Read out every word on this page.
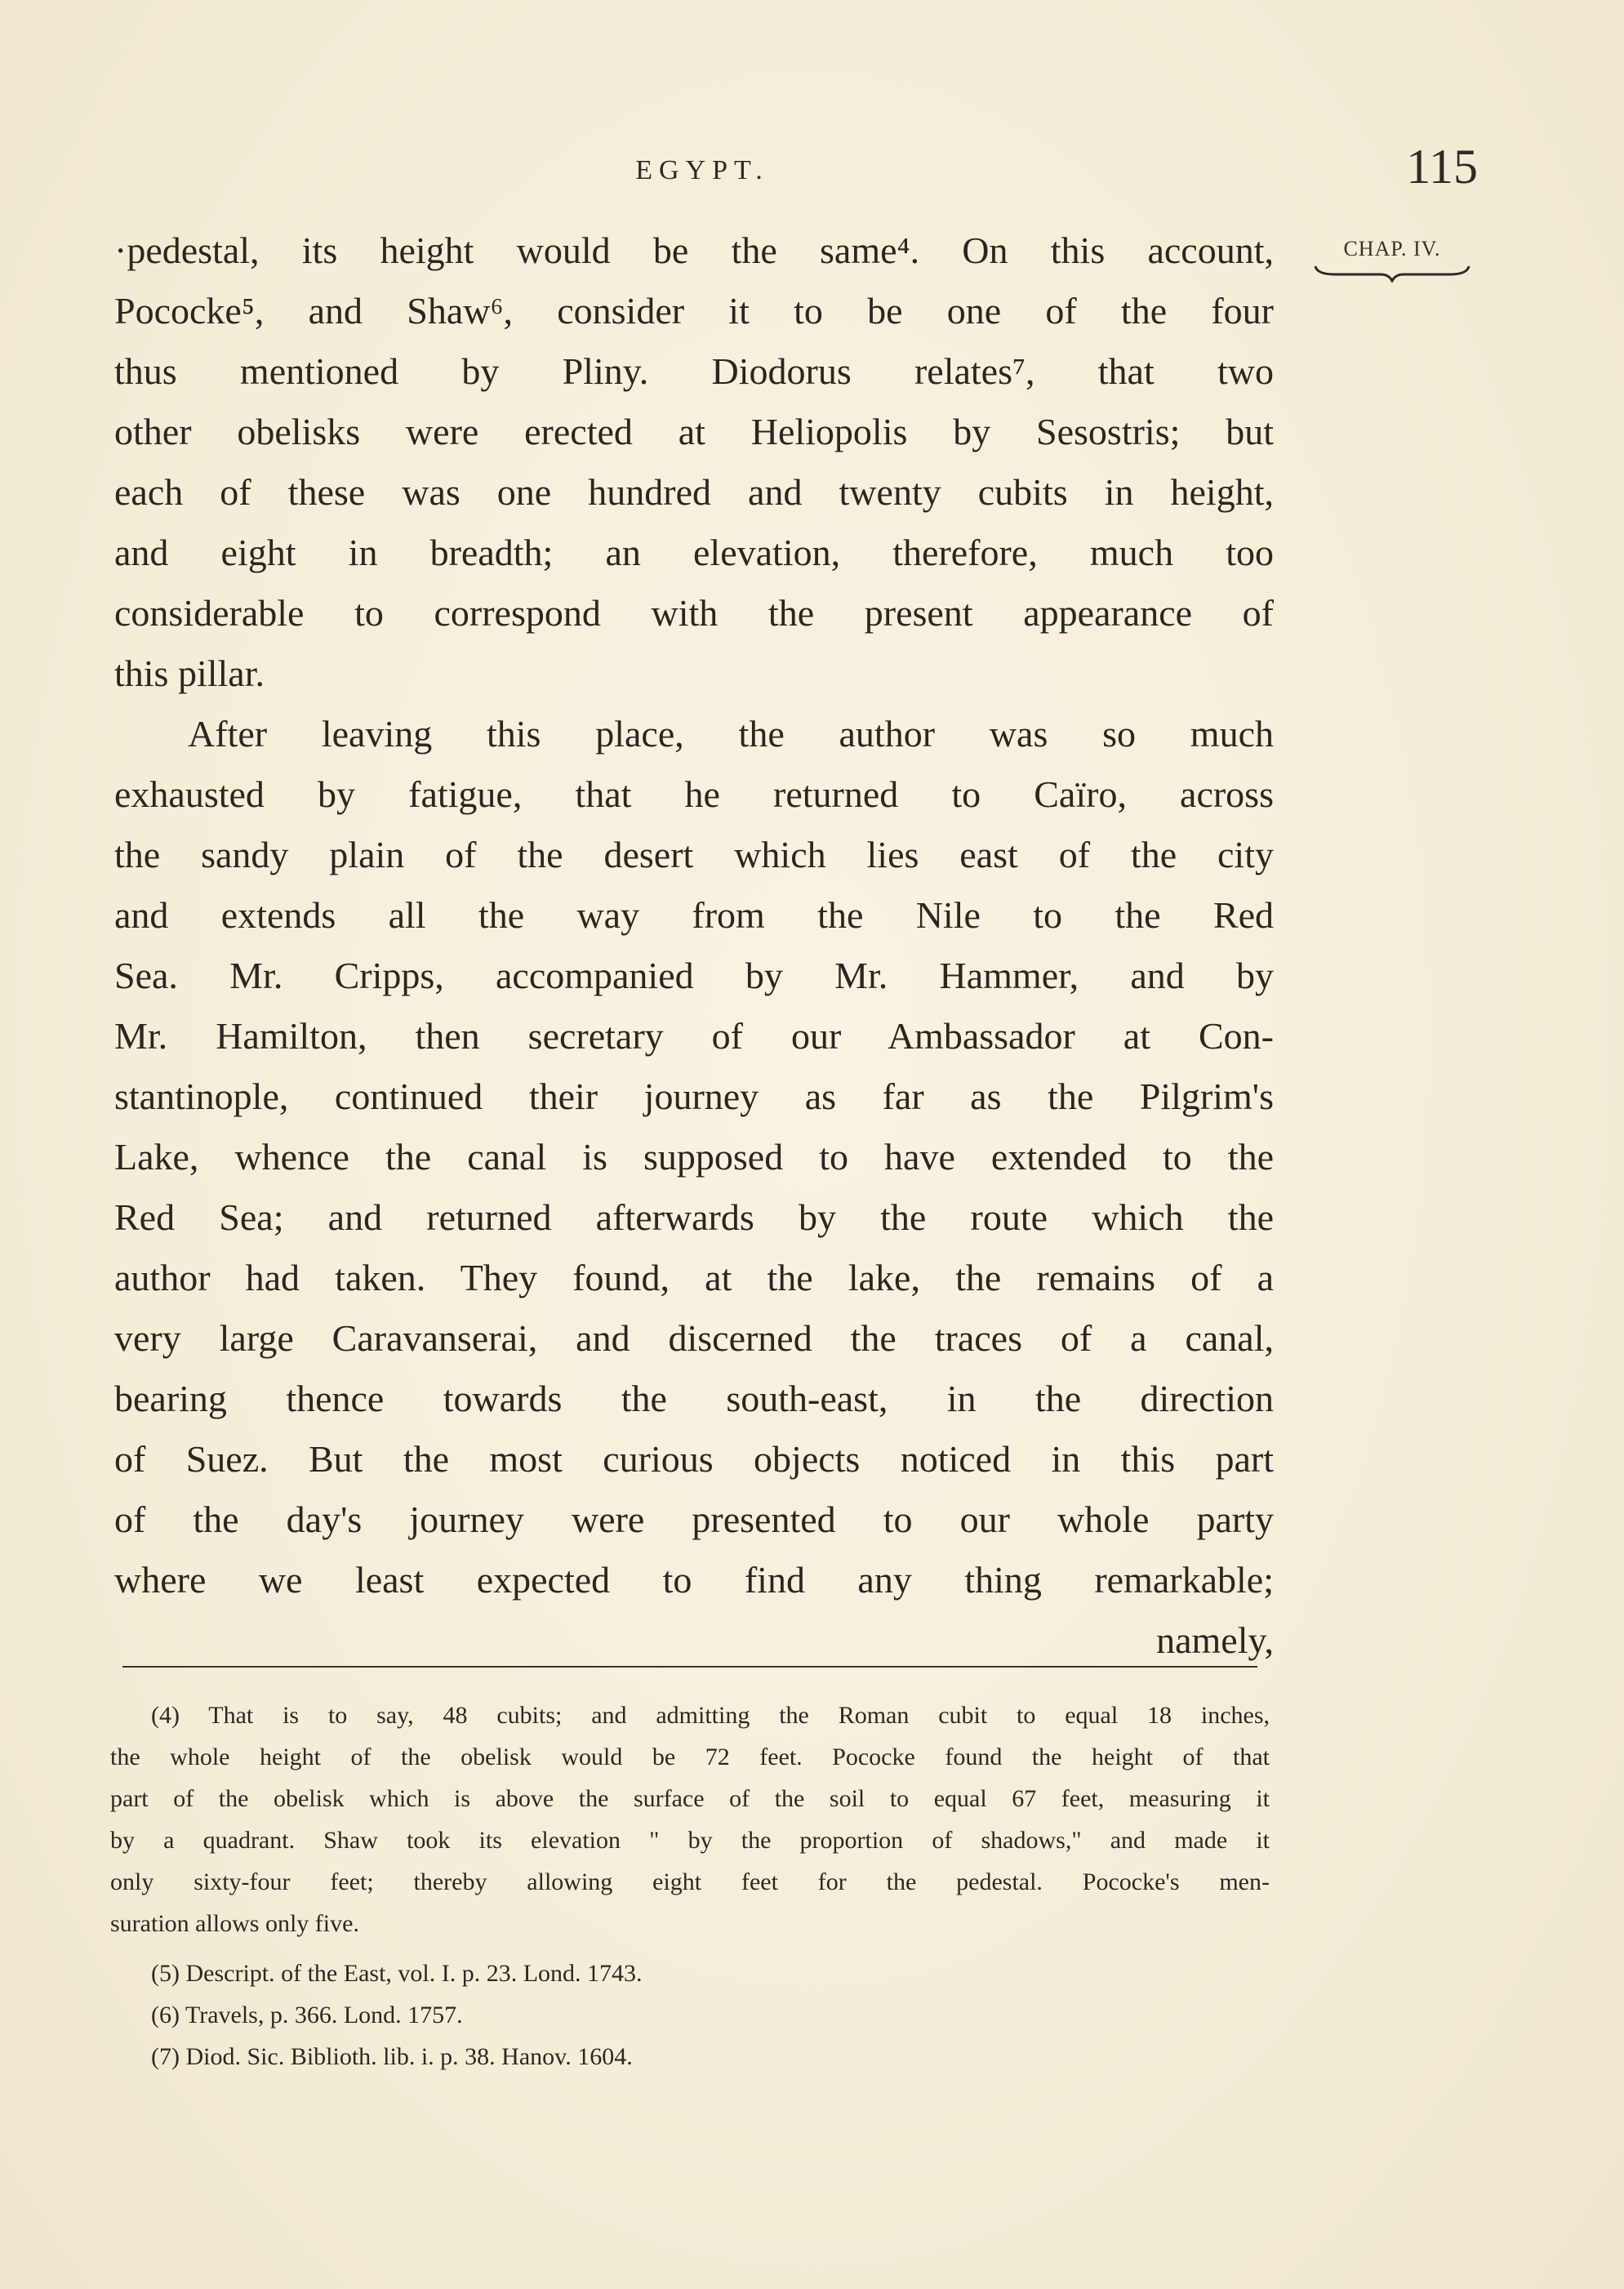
EGYPT.	115
CHAP. IV.
·pedestal, its height would be the same⁴. On this account,
Pococke⁵, and Shaw⁶, consider it to be one of the four
thus mentioned by Pliny. Diodorus relates⁷, that two
other obelisks were erected at Heliopolis by Sesostris; but
each of these was one hundred and twenty cubits in height,
and eight in breadth; an elevation, therefore, much too
considerable to correspond with the present appearance of
this pillar.
After leaving this place, the author was so much
exhausted by fatigue, that he returned to Caïro, across
the sandy plain of the desert which lies east of the city
and extends all the way from the Nile to the Red
Sea. Mr. Cripps, accompanied by Mr. Hammer, and by
Mr. Hamilton, then secretary of our Ambassador at Con-
stantinople, continued their journey as far as the Pilgrim's
Lake, whence the canal is supposed to have extended to the
Red Sea; and returned afterwards by the route which the
author had taken. They found, at the lake, the remains of a
very large Caravanserai, and discerned the traces of a canal,
bearing thence towards the south-east, in the direction
of Suez. But the most curious objects noticed in this part
of the day's journey were presented to our whole party
where we least expected to find any thing remarkable;
namely,
(4) That is to say, 48 cubits; and admitting the Roman cubit to equal 18 inches,
the whole height of the obelisk would be 72 feet. Pococke found the height of that
part of the obelisk which is above the surface of the soil to equal 67 feet, measuring it
by a quadrant. Shaw took its elevation " by the proportion of shadows," and made it
only sixty-four feet; thereby allowing eight feet for the pedestal. Pococke's men-
suration allows only five.
(5) Descript. of the East, vol. I. p. 23. Lond. 1743.
(6) Travels, p. 366. Lond. 1757.
(7) Diod. Sic. Biblioth. lib. i. p. 38. Hanov. 1604.
